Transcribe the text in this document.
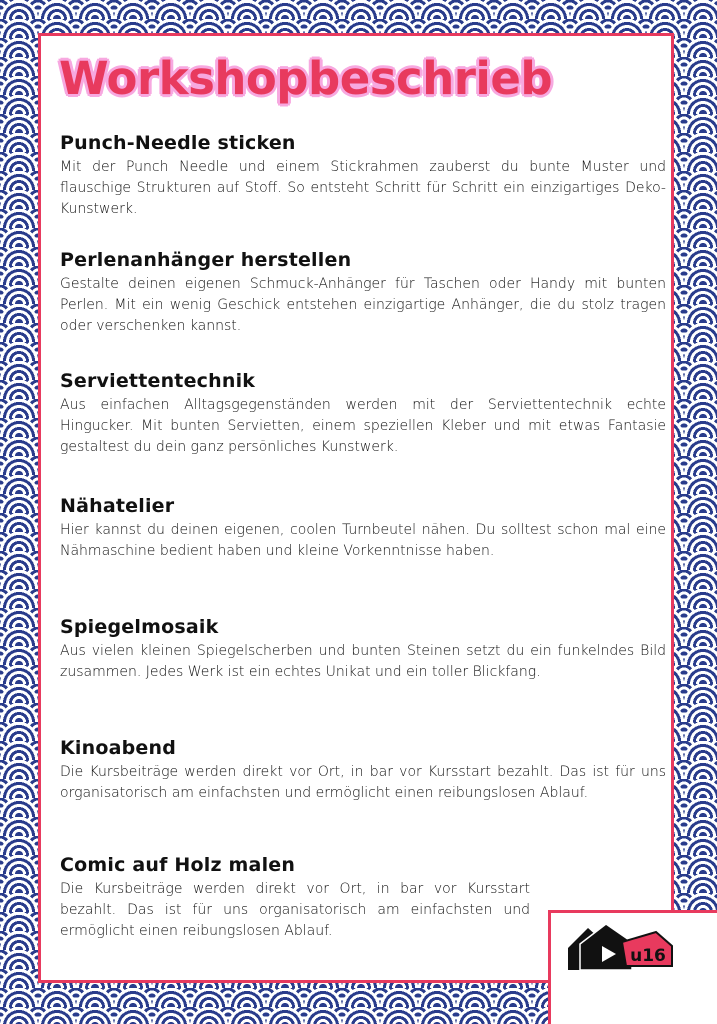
Workshopbeschrieb
Punch-Needle sticken

Mit der Punch Needle und einem Stickrahmen zauberst du bunte Muster und flauschige Strukturen auf Stoff. So entsteht Schritt für Schritt ein einzigartiges Deko-Kunstwerk.

Perlenanhänger herstellen

Gestalte deinen eigenen Schmuck-Anhänger für Taschen oder Handy mit bunten Perlen. Mit ein wenig Geschick entstehen einzigartige Anhänger, die du stolz tragen oder verschenken kannst.

Serviettentechnik

Aus einfachen Alltagsgegenständen werden mit der Serviettentechnik echte Hingucker. Mit bunten Servietten, einem speziellen Kleber und mit etwas Fantasie gestaltest du dein ganz persönliches Kunstwerk.

Nähatelier

Hier kannst du deinen eigenen, coolen Turnbeutel nähen. Du solltest schon mal eine Nähmaschine bedient haben und kleine Vorkenntnisse haben.

Spiegelmosaik

Aus vielen kleinen Spiegelscherben und bunten Steinen setzt du ein funkelndes Bild zusammen. Jedes Werk ist ein echtes Unikat und ein toller Blickfang.

Kinoabend

Die Kursbeiträge werden direkt vor Ort, in bar vor Kursstart bezahlt. Das ist für uns organisatorisch am einfachsten und ermöglicht einen reibungslosen Ablauf.

Comic auf Holz malen

Die Kursbeiträge werden direkt vor Ort, in bar vor Kursstart bezahlt. Das ist für uns organisatorisch am einfachsten und ermöglicht einen reibungslosen Ablauf.

u16
